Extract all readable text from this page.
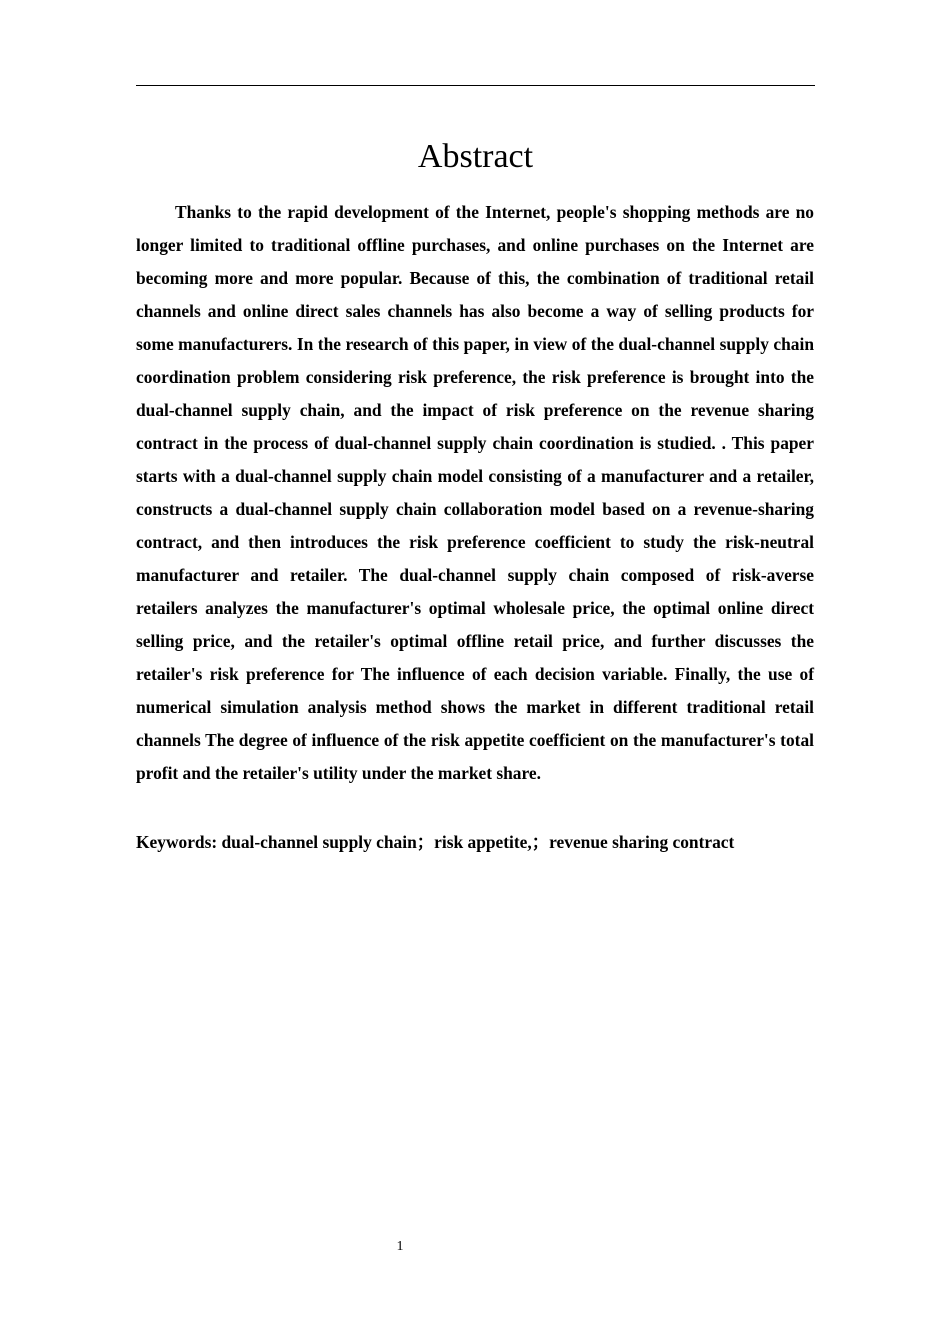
Abstract

Thanks to the rapid development of the Internet, people's shopping methods are no longer limited to traditional offline purchases, and online purchases on the Internet are becoming more and more popular. Because of this, the combination of traditional retail channels and online direct sales channels has also become a way of selling products for some manufacturers. In the research of this paper, in view of the dual-channel supply chain coordination problem considering risk preference, the risk preference is brought into the dual-channel supply chain, and the impact of risk preference on the revenue sharing contract in the process of dual-channel supply chain coordination is studied. . This paper starts with a dual-channel supply chain model consisting of a manufacturer and a retailer, constructs a dual-channel supply chain collaboration model based on a revenue-sharing contract, and then introduces the risk preference coefficient to study the risk-neutral manufacturer and retailer. The dual-channel supply chain composed of risk-averse retailers analyzes the manufacturer's optimal wholesale price, the optimal online direct selling price, and the retailer's optimal offline retail price, and further discusses the retailer's risk preference for The influence of each decision variable. Finally, the use of numerical simulation analysis method shows the market in different traditional retail channels The degree of influence of the risk appetite coefficient on the manufacturer's total profit and the retailer's utility under the market share.

Keywords: dual-channel supply chain；risk appetite,；revenue sharing contract

1
